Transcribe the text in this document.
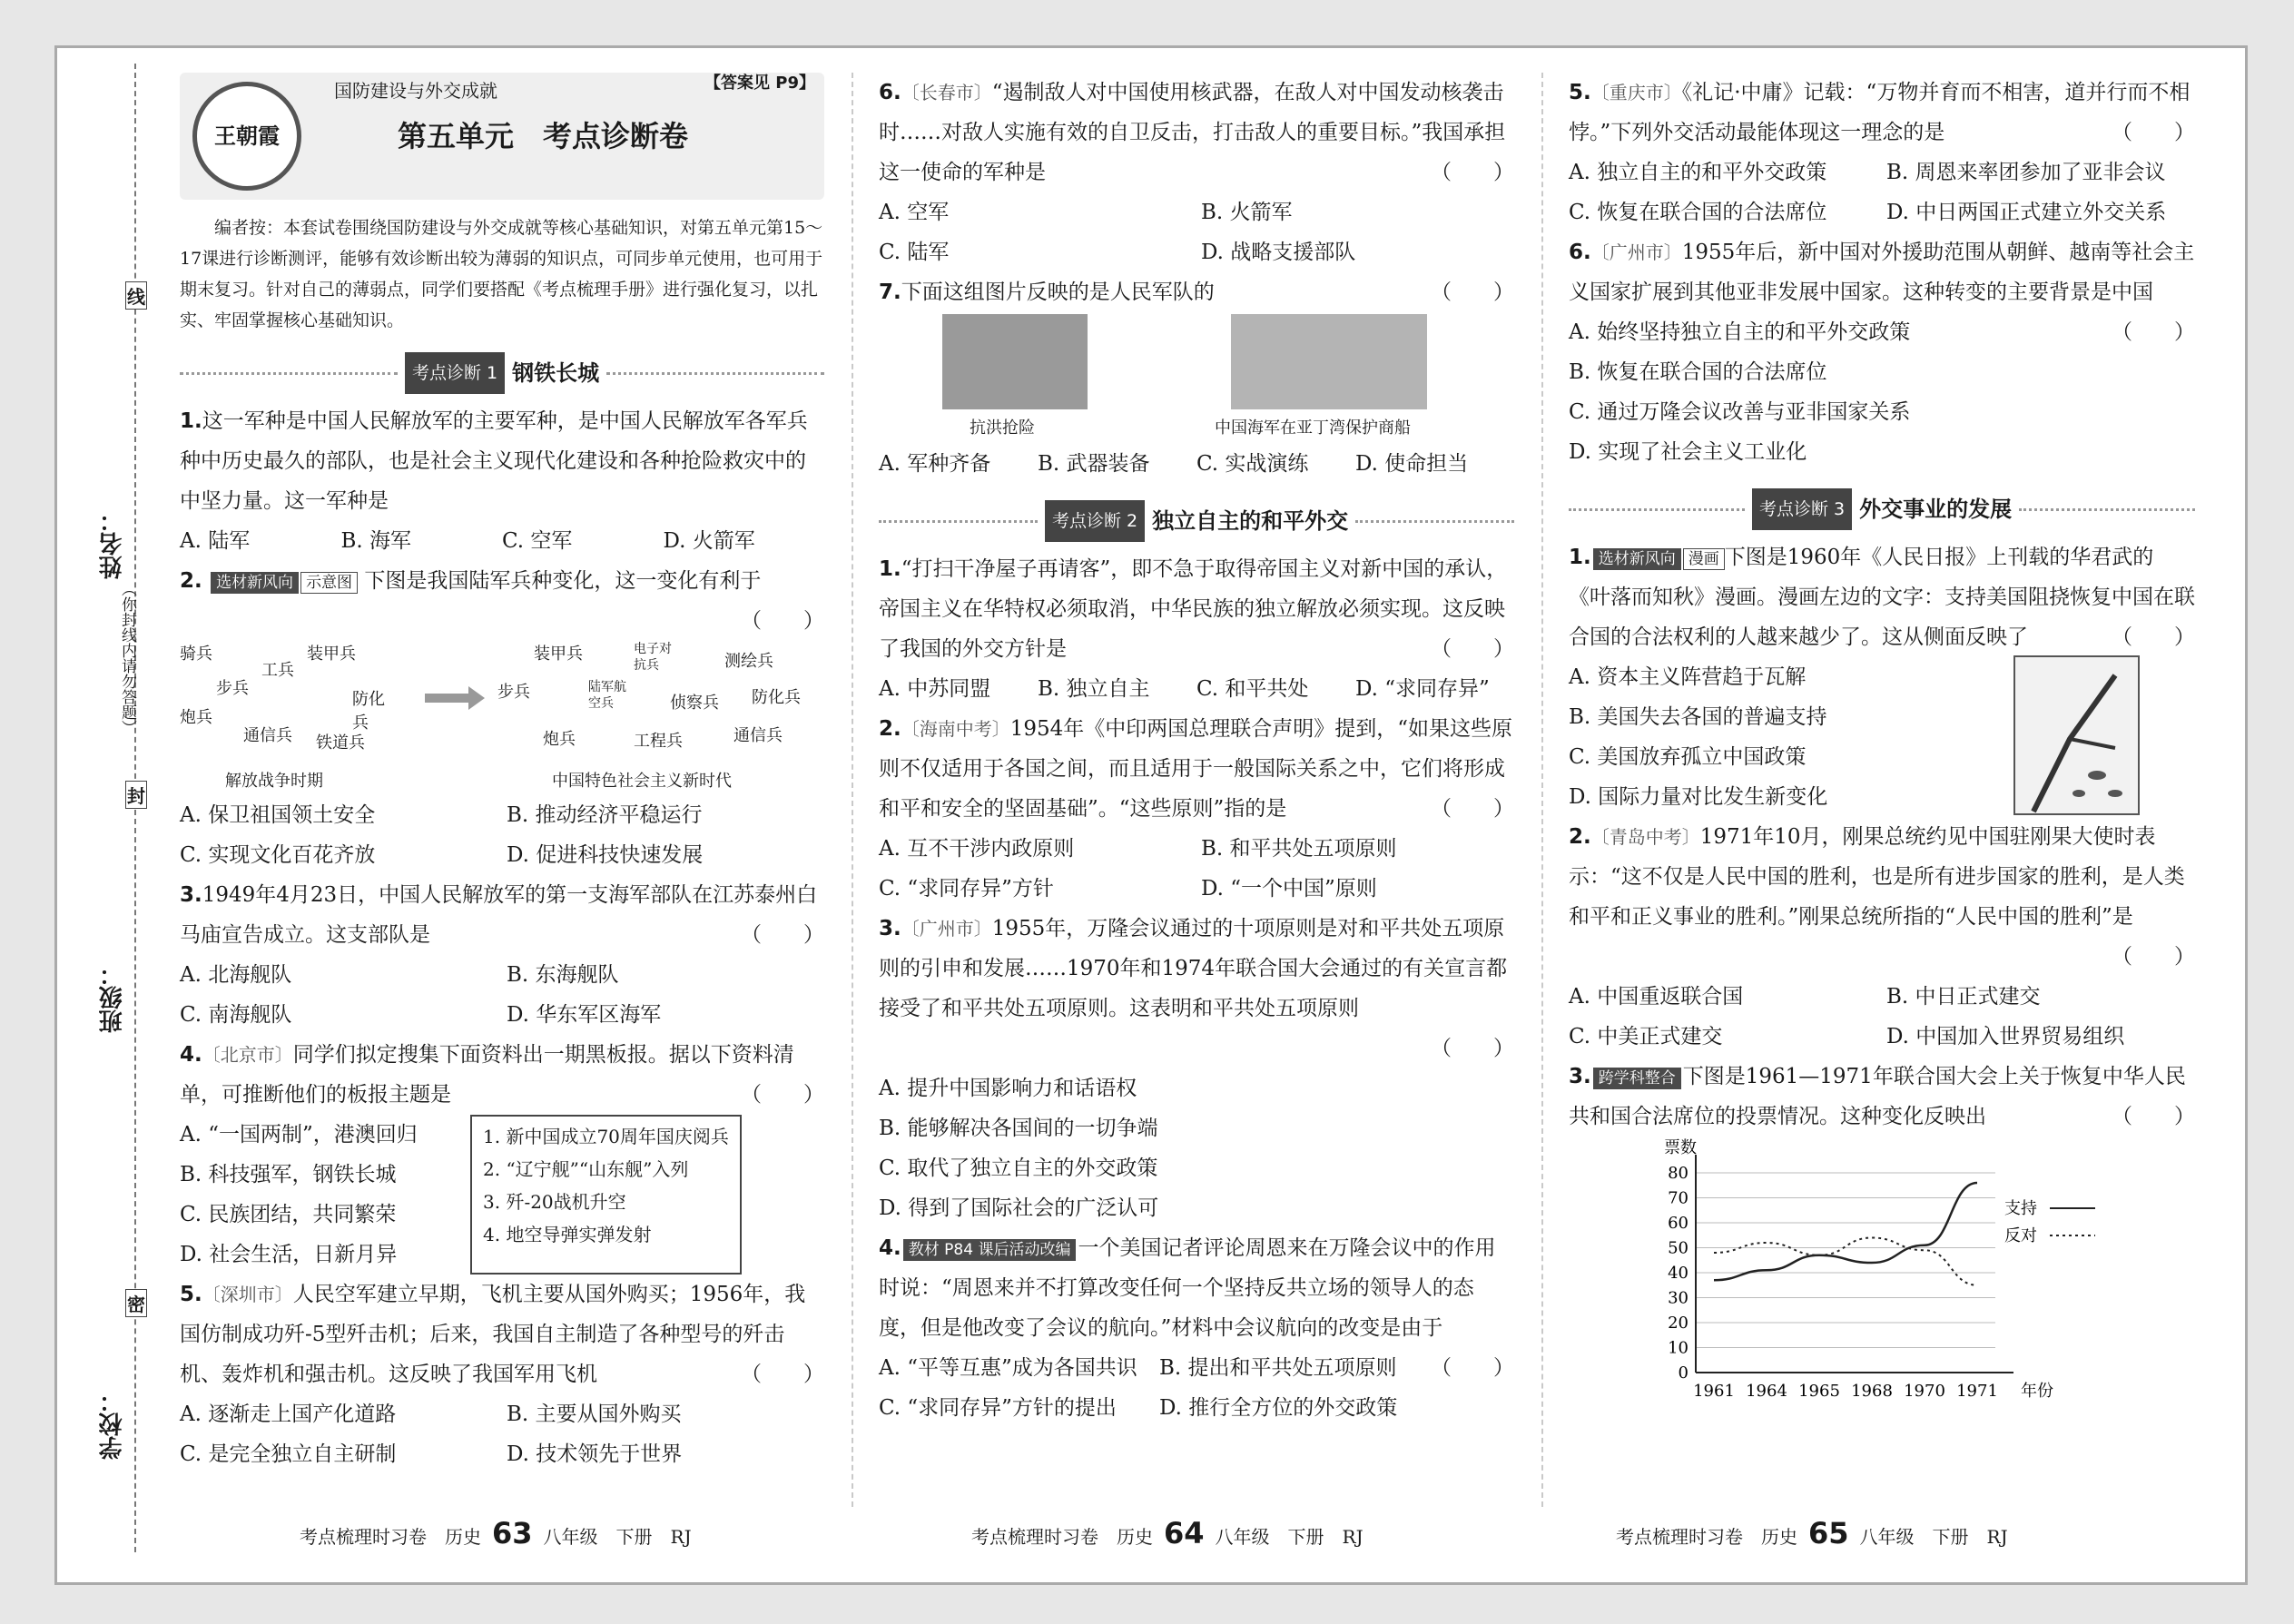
线
封
密
姓名：
班级：
学校：
（你封线内请勿答题）
王朝霞
国防建设与外交成就	【答案见 P9】
第五单元　考点诊断卷
编者按：本套试卷围绕国防建设与外交成就等核心基础知识，对第五单元第15～17课进行诊断测评，能够有效诊断出较为薄弱的知识点，可同步单元使用，也可用于期末复习。针对自己的薄弱点，同学们要搭配《考点梳理手册》进行强化复习，以扎实、牢固掌握核心基础知识。
考点诊断 1 钢铁长城
1.这一军种是中国人民解放军的主要军种，是中国人民解放军各军兵种中历史最久的部队，也是社会主义现代化建设和各种抢险救灾中的中坚力量。这一军种是
A. 陆军	B. 海军	C. 空军	D. 火箭军
2. 选材新风向 示意图 下图是我国陆军兵种变化，这一变化有利于
（　　）
骑兵
工兵
装甲兵
步兵
防化兵
炮兵
通信兵 铁道兵
装甲兵	电子对抗兵	测绘兵
步兵	陆军航空兵	侦察兵 防化兵
炮兵	工程兵	通信兵
解放战争时期	中国特色社会主义新时代
A. 保卫祖国领土安全	B. 推动经济平稳运行
C. 实现文化百花齐放	D. 促进科技快速发展
3.1949年4月23日，中国人民解放军的第一支海军部队在江苏泰州白马庙宣告成立。这支部队是	（　　）
A. 北海舰队	B. 东海舰队
C. 南海舰队	D. 华东军区海军
4.〔北京市〕同学们拟定搜集下面资料出一期黑板报。据以下资料清单，可推断他们的板报主题是	（　　）
A. “一国两制”，港澳回归
B. 科技强军，钢铁长城
C. 民族团结，共同繁荣
D. 社会生活，日新月异
1. 新中国成立70周年国庆阅兵
2. “辽宁舰”“山东舰”入列
3. 歼-20战机升空
4. 地空导弹实弹发射
5.〔深圳市〕人民空军建立早期，飞机主要从国外购买；1956年，我国仿制成功歼-5型歼击机；后来，我国自主制造了各种型号的歼击机、轰炸机和强击机。这反映了我国军用飞机	（　　）
A. 逐渐走上国产化道路	B. 主要从国外购买
C. 是完全独立自主研制	D. 技术领先于世界
6.〔长春市〕“遏制敌人对中国使用核武器，在敌人对中国发动核袭击时……对敌人实施有效的自卫反击，打击敌人的重要目标。”我国承担这一使命的军种是	（　　）
A. 空军	B. 火箭军
C. 陆军	D. 战略支援部队
7.下面这组图片反映的是人民军队的	（　　）
抗洪抢险	中国海军在亚丁湾保护商船
A. 军种齐备	B. 武器装备	C. 实战演练	D. 使命担当
考点诊断 2 独立自主的和平外交
1.“打扫干净屋子再请客”，即不急于取得帝国主义对新中国的承认，帝国主义在华特权必须取消，中华民族的独立解放必须实现。这反映了我国的外交方针是	（　　）
A. 中苏同盟	B. 独立自主	C. 和平共处	D. “求同存异”
2.〔海南中考〕1954年《中印两国总理联合声明》提到，“如果这些原则不仅适用于各国之间，而且适用于一般国际关系之中，它们将形成和平和安全的坚固基础”。“这些原则”指的是	（　　）
A. 互不干涉内政原则	B. 和平共处五项原则
C. “求同存异”方针	D. “一个中国”原则
3.〔广州市〕1955年，万隆会议通过的十项原则是对和平共处五项原则的引申和发展……1970年和1974年联合国大会通过的有关宣言都接受了和平共处五项原则。这表明和平共处五项原则
（　　）
A. 提升中国影响力和话语权
B. 能够解决各国间的一切争端
C. 取代了独立自主的外交政策
D. 得到了国际社会的广泛认可
4. 教材 P84 课后活动改编 一个美国记者评论周恩来在万隆会议中的作用时说：“周恩来并不打算改变任何一个坚持反共立场的领导人的态度，但是他改变了会议的航向。”材料中会议航向的改变是由于
（　　）
A. “平等互惠”成为各国共识	B. 提出和平共处五项原则
C. “求同存异”方针的提出	D. 推行全方位的外交政策
5.〔重庆市〕《礼记·中庸》记载：“万物并育而不相害，道并行而不相悖。”下列外交活动最能体现这一理念的是	（　　）
A. 独立自主的和平外交政策	B. 周恩来率团参加了亚非会议
C. 恢复在联合国的合法席位	D. 中日两国正式建立外交关系
6.〔广州市〕1955年后，新中国对外援助范围从朝鲜、越南等社会主义国家扩展到其他亚非发展中国家。这种转变的主要背景是中国
（　　）
A. 始终坚持独立自主的和平外交政策
B. 恢复在联合国的合法席位
C. 通过万隆会议改善与亚非国家关系
D. 实现了社会主义工业化
考点诊断 3 外交事业的发展
1. 选材新风向 漫画 下图是1960年《人民日报》上刊载的华君武的《叶落而知秋》漫画。漫画左边的文字：支持美国阻挠恢复中国在联合国的合法权利的人越来越少了。这从侧面反映了	（　　）
A. 资本主义阵营趋于瓦解
B. 美国失去各国的普遍支持
C. 美国放弃孤立中国政策
D. 国际力量对比发生新变化
2.〔青岛中考〕1971年10月，刚果总统约见中国驻刚果大使时表示：“这不仅是人民中国的胜利，也是所有进步国家的胜利，是人类和平和正义事业的胜利。”刚果总统所指的“人民中国的胜利”是
（　　）
A. 中国重返联合国	B. 中日正式建交
C. 中美正式建交	D. 中国加入世界贸易组织
3. 跨学科整合 下图是1961—1971年联合国大会上关于恢复中华人民共和国合法席位的投票情况。这种变化反映出	（　　）
0
10
20
30
40
50
60
70
80
票数
年份
1961 1964 1965 1968 1970 1971
支持
反对
考点梳理时习卷　历史 63 八年级　下册　RJ	考点梳理时习卷　历史 64 八年级　下册　RJ	考点梳理时习卷　历史 65 八年级　下册　RJ
